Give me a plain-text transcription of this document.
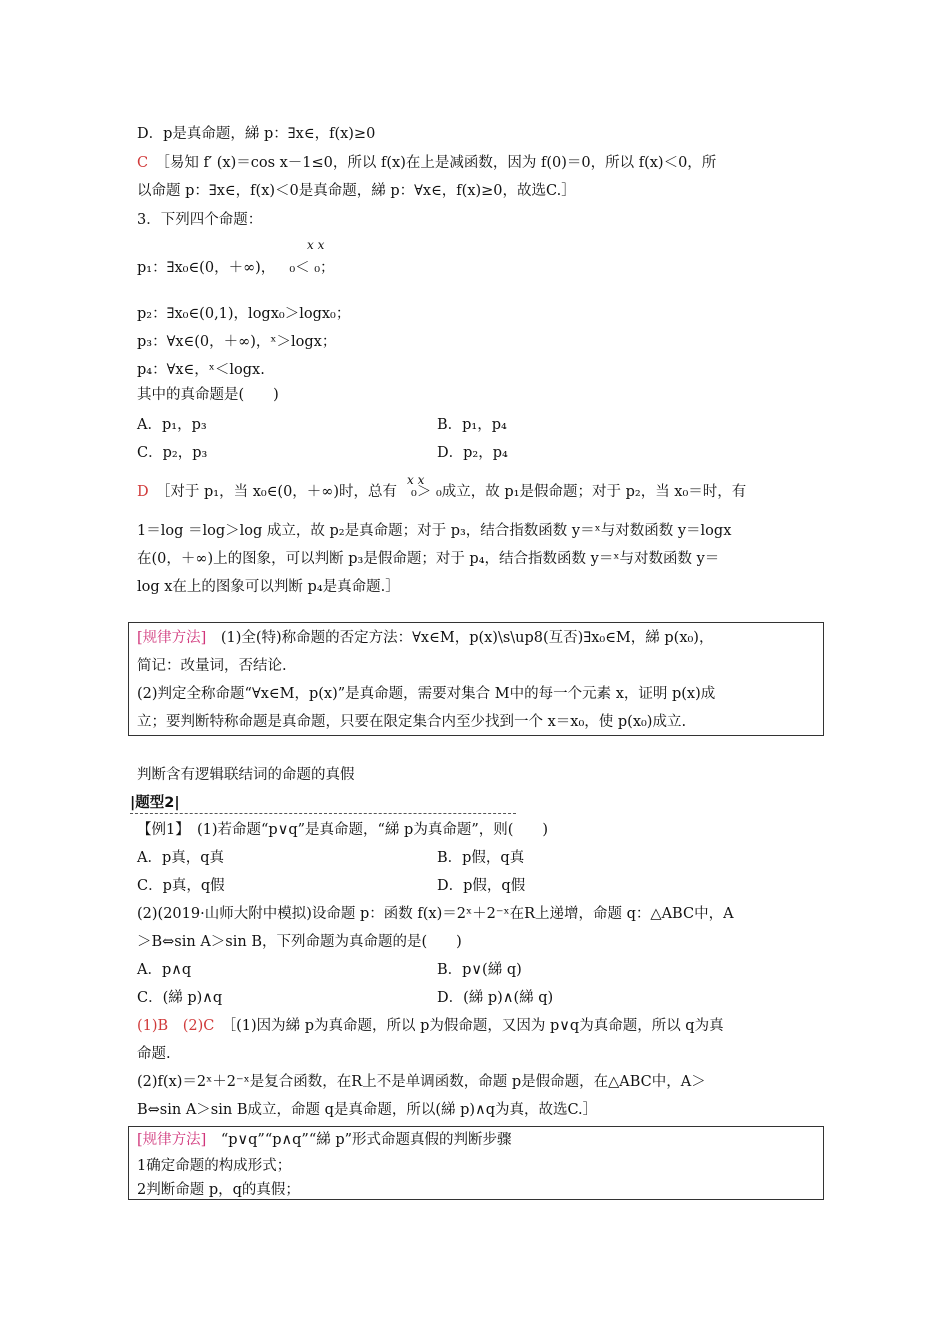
D．p是真命题，綈 p：∃x∈，f(x)≥0
C　 ［易知 f′ (x)＝cos x－1≤0，所以 f(x)在上是减函数，因为 f(0)＝0，所以 f(x)＜0，所
以命题 p：∃x∈，f(x)＜0是真命题，綈 p：∀x∈，f(x)≥0，故选C.］
3．下列四个命题：
x x
p₁：∃x₀∈(0，＋∞)， ₀＜ ₀；
p₂：∃x₀∈(0,1)，logx₀＞logx₀；
p₃：∀x∈(0，＋∞)，ˣ＞logx；
p₄：∀x∈，ˣ＜logx.
其中的真命题是(　　)
A．p₁，p₃	B．p₁，p₄
C．p₂，p₃	D．p₂，p₄
x x
D　 ［对于 p₁，当 x₀∈(0，＋∞)时，总有 ₀＞ ₀成立，故 p₁是假命题；对于 p₂，当 x₀＝时，有
1＝log ＝log＞log 成立，故 p₂是真命题；对于 p₃，结合指数函数 y＝ˣ与对数函数 y＝logx
在(0，＋∞)上的图象，可以判断 p₃是假命题；对于 p₄，结合指数函数 y＝ˣ与对数函数 y＝
log x在上的图象可以判断 p₄是真命题.］
[规律方法]　(1)全(特)称命题的否定方法：∀x∈M，p(x)\s\up8(互否)∃x₀∈M，綈 p(x₀)，
简记：改量词，否结论.
(2)判定全称命题“∀x∈M，p(x)”是真命题，需要对集合 M中的每一个元素 x，证明 p(x)成
立；要判断特称命题是真命题，只要在限定集合内至少找到一个 x＝x₀，使 p(x₀)成立.
判断含有逻辑联结词的命题的真假
|题型2|
【例1】　(1)若命题“p∨q”是真命题，“綈 p为真命题”，则(　　)
A．p真，q真	B．p假，q真
C．p真，q假	D．p假，q假
(2)(2019·山师大附中模拟)设命题 p：函数 f(x)＝2ˣ＋2⁻ˣ在R上递增，命题 q：△ABC中，A
＞B⇔sin A＞sin B，下列命题为真命题的是(　　)
A．p∧q	B．p∨(綈 q)
C．(綈 p)∧q	D．(綈 p)∧(綈 q)
(1)B　(2)C　 ［(1)因为綈 p为真命题，所以 p为假命题，又因为 p∨q为真命题，所以 q为真
命题.
(2)f(x)＝2ˣ＋2⁻ˣ是复合函数，在R上不是单调函数，命题 p是假命题，在△ABC中，A＞
B⇔sin A＞sin B成立，命题 q是真命题，所以(綈 p)∧q为真，故选C.］
[规律方法]　“p∨q”“p∧q”“綈 p”形式命题真假的判断步骤
1确定命题的构成形式；
2判断命题 p，q的真假；
